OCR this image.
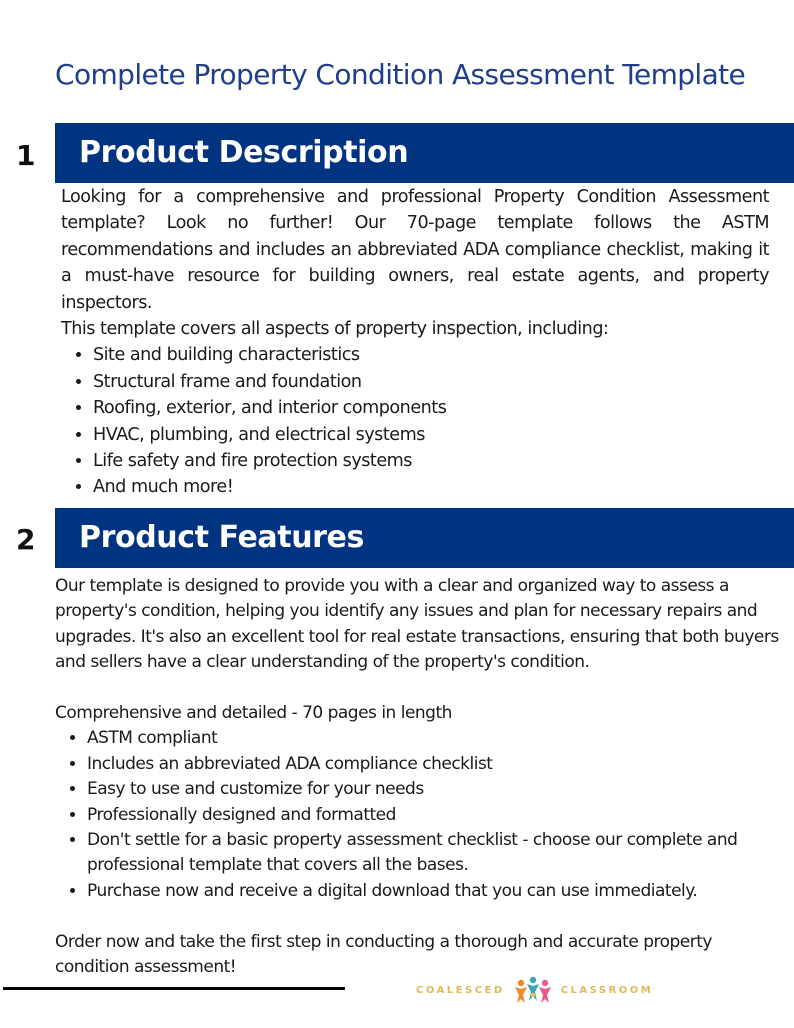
Complete Property Condition Assessment Template
1	Product Description

Looking for a comprehensive and professional Property Condition Assessment template? Look no further! Our 70-page template follows the ASTM recommendations and includes an abbreviated ADA compliance checklist, making it a must-have resource for building owners, real estate agents, and property inspectors.

This template covers all aspects of property inspection, including:

• Site and building characteristics
• Structural frame and foundation
• Roofing, exterior, and interior components
• HVAC, plumbing, and electrical systems
• Life safety and fire protection systems
• And much more!
2	Product Features

Our template is designed to provide you with a clear and organized way to assess a property's condition, helping you identify any issues and plan for necessary repairs and upgrades. It's also an excellent tool for real estate transactions, ensuring that both buyers and sellers have a clear understanding of the property's condition.

Comprehensive and detailed - 70 pages in length

• ASTM compliant
• Includes an abbreviated ADA compliance checklist
• Easy to use and customize for your needs
• Professionally designed and formatted
• Don't settle for a basic property assessment checklist - choose our complete and professional template that covers all the bases.
• Purchase now and receive a digital download that you can use immediately.

Order now and take the first step in conducting a thorough and accurate property condition assessment!

COALESCED	CLASSROOM
